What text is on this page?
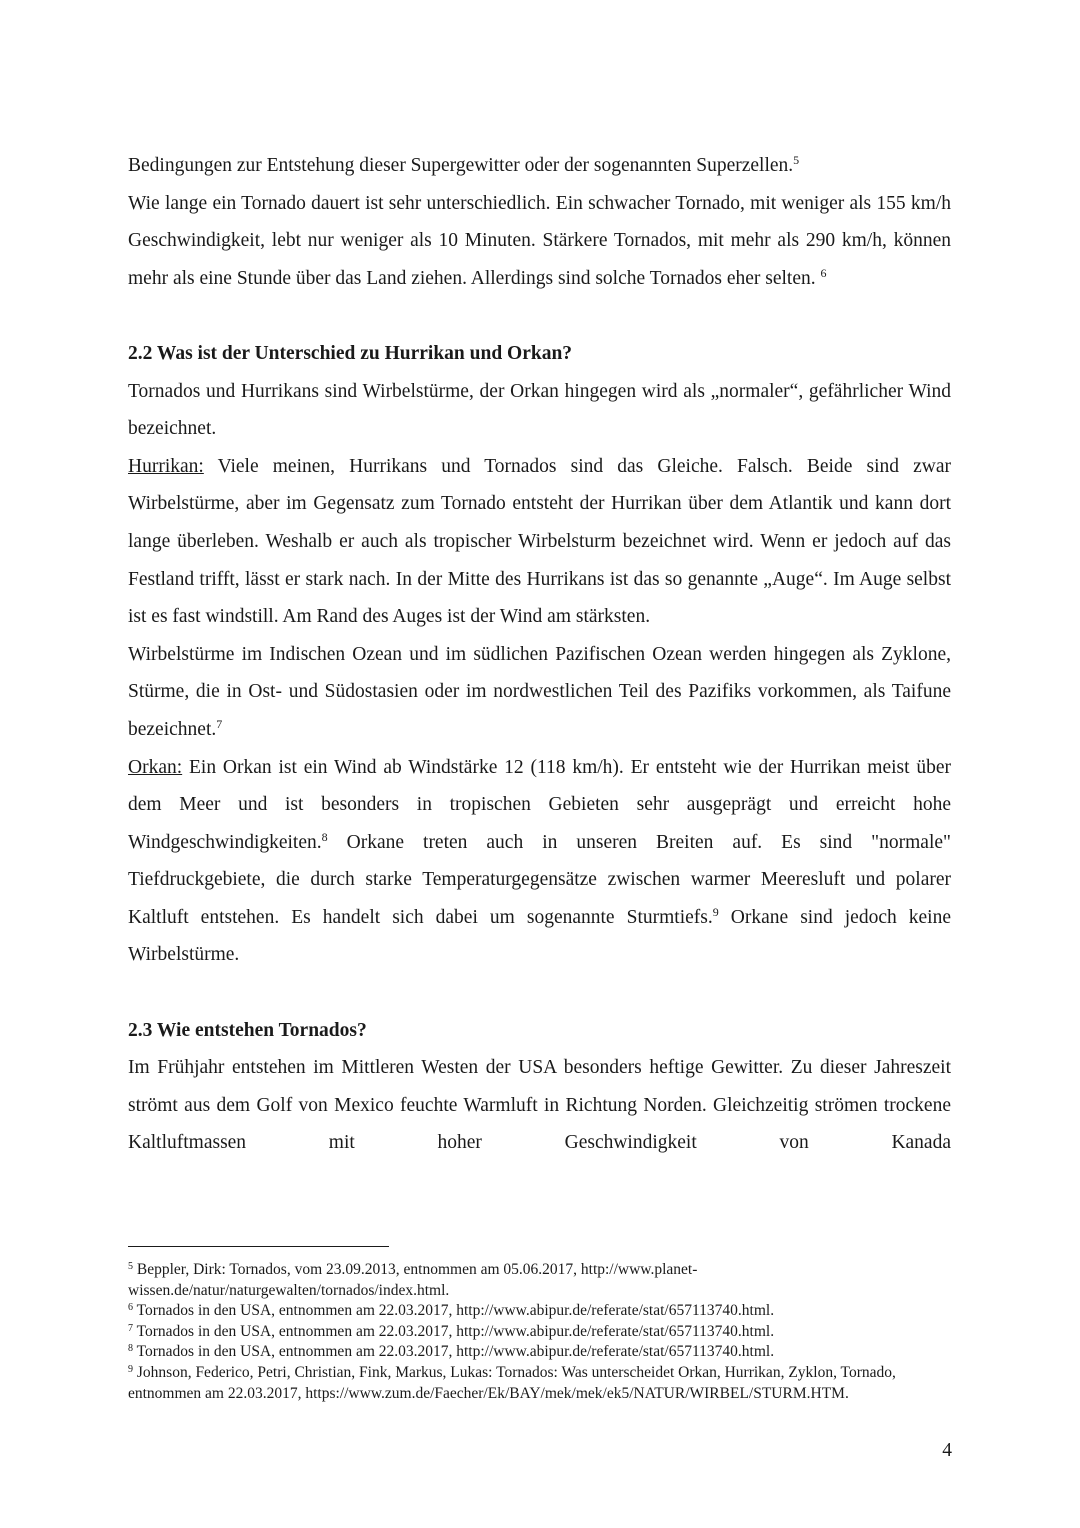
Bedingungen zur Entstehung dieser Supergewitter oder der sogenannten Superzellen.$^5$

Wie lange ein Tornado dauert ist sehr unterschiedlich. Ein schwacher Tornado, mit weniger als 155 km/h Geschwindigkeit, lebt nur weniger als 10 Minuten. Stärkere Tornados, mit mehr als 290 km/h, können mehr als eine Stunde über das Land ziehen. Allerdings sind solche Tornados eher selten. $^6$

2.2 Was ist der Unterschied zu Hurrikan und Orkan?

Tornados und Hurrikans sind Wirbelstürme, der Orkan hingegen wird als „normaler“, gefährlicher Wind bezeichnet.

Hurrikan: Viele meinen, Hurrikans und Tornados sind das Gleiche. Falsch. Beide sind zwar Wirbelstürme, aber im Gegensatz zum Tornado entsteht der Hurrikan über dem Atlantik und kann dort lange überleben. Weshalb er auch als tropischer Wirbelsturm bezeichnet wird. Wenn er jedoch auf das Festland trifft, lässt er stark nach. In der Mitte des Hurrikans ist das so genannte „Auge“. Im Auge selbst ist es fast windstill. Am Rand des Auges ist der Wind am stärksten.

Wirbelstürme im Indischen Ozean und im südlichen Pazifischen Ozean werden hingegen als Zyklone, Stürme, die in Ost- und Südostasien oder im nordwestlichen Teil des Pazifiks vorkommen, als Taifune bezeichnet.$^7$

Orkan: Ein Orkan ist ein Wind ab Windstärke 12 (118 km/h). Er entsteht wie der Hurrikan meist über dem Meer und ist besonders in tropischen Gebieten sehr ausgeprägt und erreicht hohe Windgeschwindigkeiten.$^8$ Orkane treten auch in unseren Breiten auf. Es sind "normale" Tiefdruckgebiete, die durch starke Temperaturgegensätze zwischen warmer Meeresluft und polarer Kaltluft entstehen. Es handelt sich dabei um sogenannte Sturmtiefs.$^9$ Orkane sind jedoch keine Wirbelstürme.

2.3 Wie entstehen Tornados?

Im Frühjahr entstehen im Mittleren Westen der USA besonders heftige Gewitter. Zu dieser Jahreszeit strömt aus dem Golf von Mexico feuchte Warmluft in Richtung Norden. Gleichzeitig strömen trockene Kaltluftmassen mit hoher Geschwindigkeit von Kanada

$^5$ Beppler, Dirk: Tornados, vom 23.09.2013, entnommen am 05.06.2017, http://www.planet-wissen.de/natur/naturgewalten/tornados/index.html.

$^6$ Tornados in den USA, entnommen am 22.03.2017, http://www.abipur.de/referate/stat/657113740.html.

$^7$ Tornados in den USA, entnommen am 22.03.2017, http://www.abipur.de/referate/stat/657113740.html.

$^8$ Tornados in den USA, entnommen am 22.03.2017, http://www.abipur.de/referate/stat/657113740.html.

$^9$ Johnson, Federico, Petri, Christian, Fink, Markus, Lukas: Tornados: Was unterscheidet Orkan, Hurrikan, Zyklon, Tornado, entnommen am 22.03.2017, https://www.zum.de/Faecher/Ek/BAY/mek/mek/ek5/NATUR/WIRBEL/STURM.HTM.

4
